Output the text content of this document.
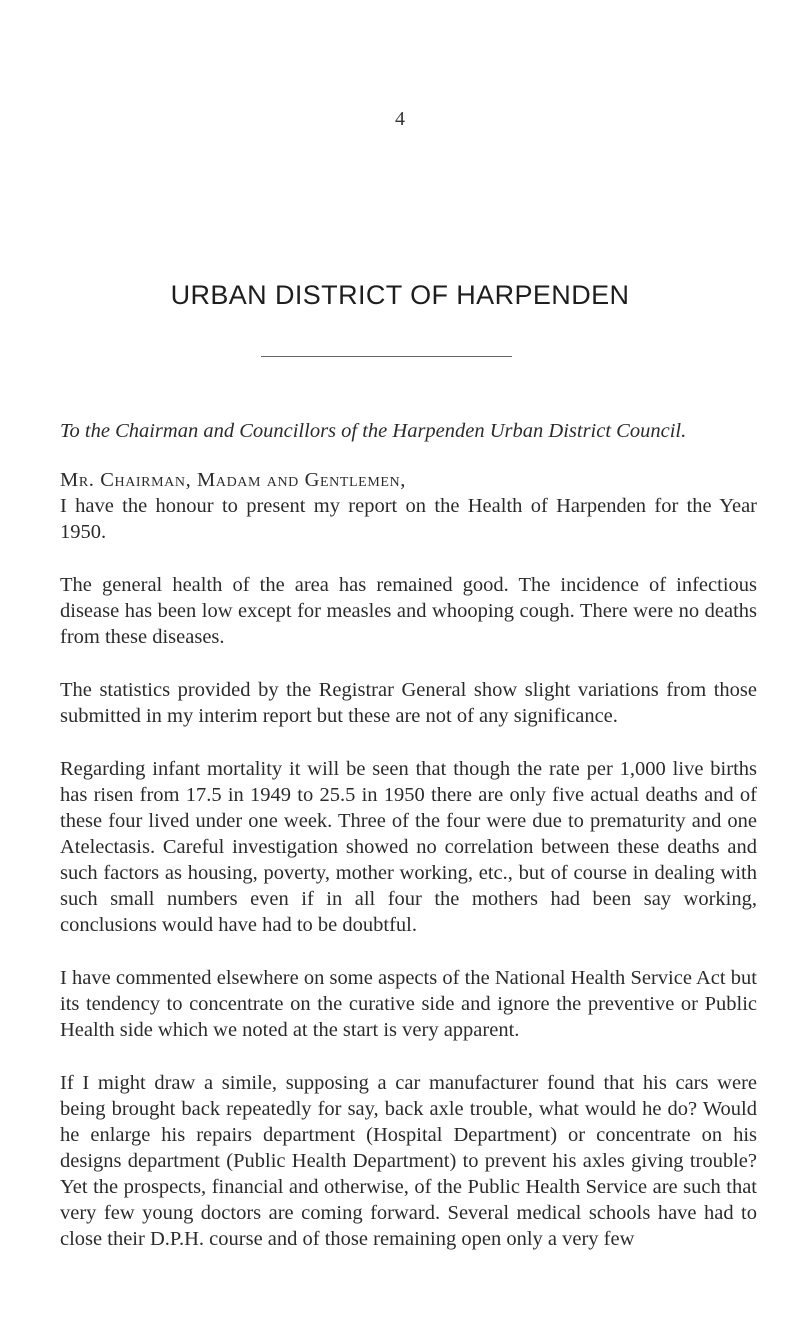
4
URBAN DISTRICT OF HARPENDEN

To the Chairman and Councillors of the Harpenden Urban District Council.

Mr. Chairman, Madam and Gentlemen,

I have the honour to present my report on the Health of Harpenden for the Year 1950.

The general health of the area has remained good. The incidence of infectious disease has been low except for measles and whooping cough. There were no deaths from these diseases.

The statistics provided by the Registrar General show slight variations from those submitted in my interim report but these are not of any significance.

Regarding infant mortality it will be seen that though the rate per 1,000 live births has risen from 17.5 in 1949 to 25.5 in 1950 there are only five actual deaths and of these four lived under one week. Three of the four were due to prematurity and one Atelectasis. Careful investigation showed no correlation between these deaths and such factors as housing, poverty, mother working, etc., but of course in dealing with such small numbers even if in all four the mothers had been say working, conclusions would have had to be doubtful.

I have commented elsewhere on some aspects of the National Health Service Act but its tendency to concentrate on the curative side and ignore the preventive or Public Health side which we noted at the start is very apparent.

If I might draw a simile, supposing a car manufacturer found that his cars were being brought back repeatedly for say, back axle trouble, what would he do? Would he enlarge his repairs department (Hospital Department) or concentrate on his designs department (Public Health Department) to prevent his axles giving trouble? Yet the prospects, financial and otherwise, of the Public Health Service are such that very few young doctors are coming forward. Several medical schools have had to close their D.P.H. course and of those remaining open only a very few
